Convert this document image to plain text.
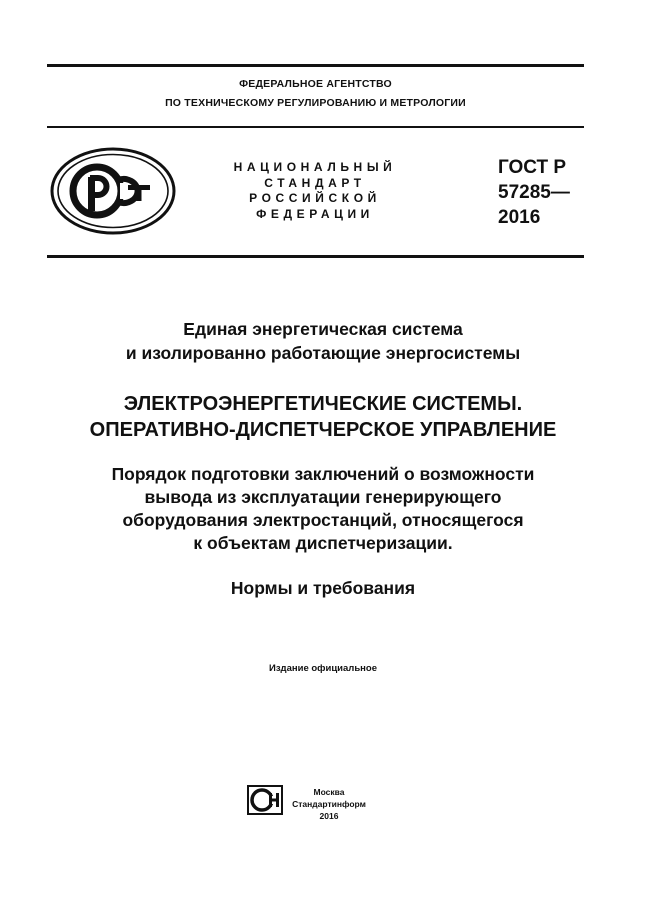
ФЕДЕРАЛЬНОЕ АГЕНТСТВО
ПО ТЕХНИЧЕСКОМУ РЕГУЛИРОВАНИЮ И МЕТРОЛОГИИ
НАЦИОНАЛЬНЫЙ
СТАНДАРТ
РОССИЙСКОЙ
ФЕДЕРАЦИИ
ГОСТ Р
57285—
2016
Единая энергетическая система
и изолированно работающие энергосистемы
ЭЛЕКТРОЭНЕРГЕТИЧЕСКИЕ СИСТЕМЫ.
ОПЕРАТИВНО-ДИСПЕТЧЕРСКОЕ УПРАВЛЕНИЕ
Порядок подготовки заключений о возможности
вывода из эксплуатации генерирующего
оборудования электростанций, относящегося
к объектам диспетчеризации.
Нормы и требования
Издание официальное
Москва
Стандартинформ
2016
